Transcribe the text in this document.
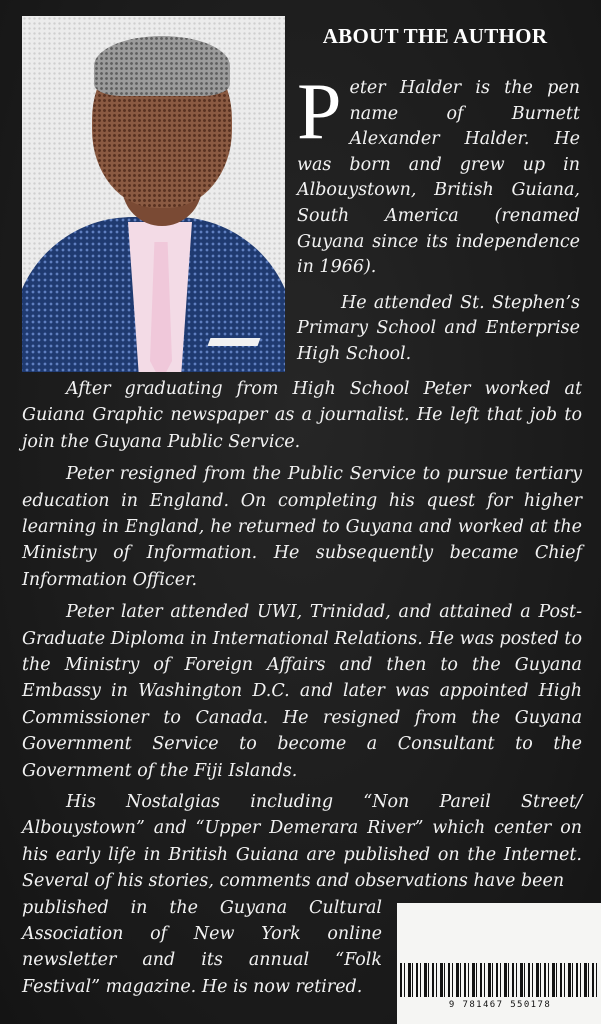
ABOUT THE AUTHOR

Peter Halder is the pen name of Burnett Alexander Halder. He was born and grew up in Albouystown, British Guiana, South America (renamed Guyana since its independence in 1966).

He attended St. Stephen’s Primary School and Enterprise High School.

After graduating from High School Peter worked at Guiana Graphic newspaper as a journalist. He left that job to join the Guyana Public Service.

Peter resigned from the Public Service to pursue tertiary education in England. On completing his quest for higher learning in England, he returned to Guyana and worked at the Ministry of Information. He subsequently became Chief Information Officer.

Peter later attended UWI, Trinidad, and attained a Post-Graduate Diploma in International Relations. He was posted to the Ministry of Foreign Affairs and then to the Guyana Embassy in Washington D.C. and later was appointed High Commissioner to Canada. He resigned from the Guyana Government Service to become a Consultant to the Government of the Fiji Islands.

His Nostalgias including “Non Pareil Street/ Albouystown” and “Upper Demerara River” which center on his early life in British Guiana are published on the Internet. Several of his stories, comments and observations have been

published in the Guyana Cultural Association of New York online newsletter and its annual “Folk Festival” magazine. He is now retired.

9 781467 550178
